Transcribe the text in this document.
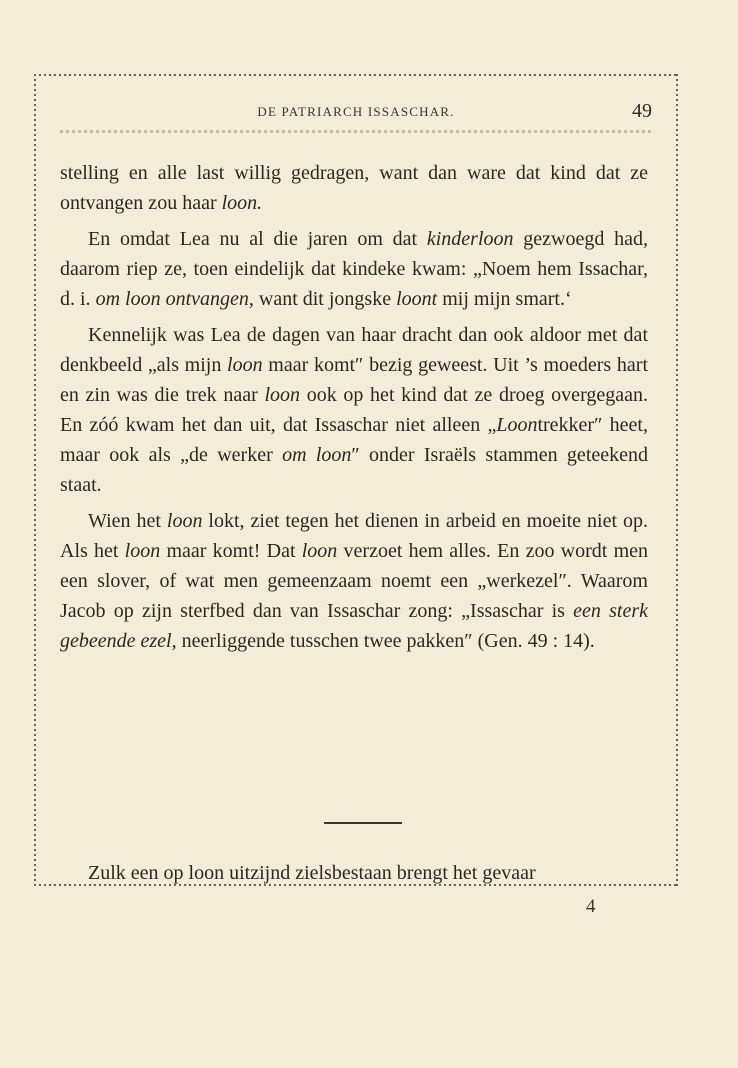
DE PATRIARCH ISSASCHAR.	49

stelling en alle last willig gedragen, want dan ware dat kind dat ze ontvangen zou haar loon.

En omdat Lea nu al die jaren om dat kinderloon gezwoegd had, daarom riep ze, toen eindelijk dat kindeke kwam: „Noem hem Issachar, d. i. om loon ontvangen, want dit jongske loont mij mijn smart.‘

Kennelijk was Lea de dagen van haar dracht dan ook aldoor met dat denkbeeld „als mijn loon maar komt″ bezig geweest. Uit ’s moeders hart en zin was die trek naar loon ook op het kind dat ze droeg overgegaan. En zóó kwam het dan uit, dat Issaschar niet alleen „Loontrekker″ heet, maar ook als „de werker om loon″ onder Israëls stammen geteekend staat.

Wien het loon lokt, ziet tegen het dienen in arbeid en moeite niet op. Als het loon maar komt! Dat loon verzoet hem alles. En zoo wordt men een slover, of wat men gemeenzaam noemt een „werkezel″. Waarom Jacob op zijn sterfbed dan van Issaschar zong: „Issaschar is een sterk gebeende ezel, neerliggende tusschen twee pakken″ (Gen. 49 : 14).

Zulk een op loon uitzijnd zielsbestaan brengt het gevaar
4
